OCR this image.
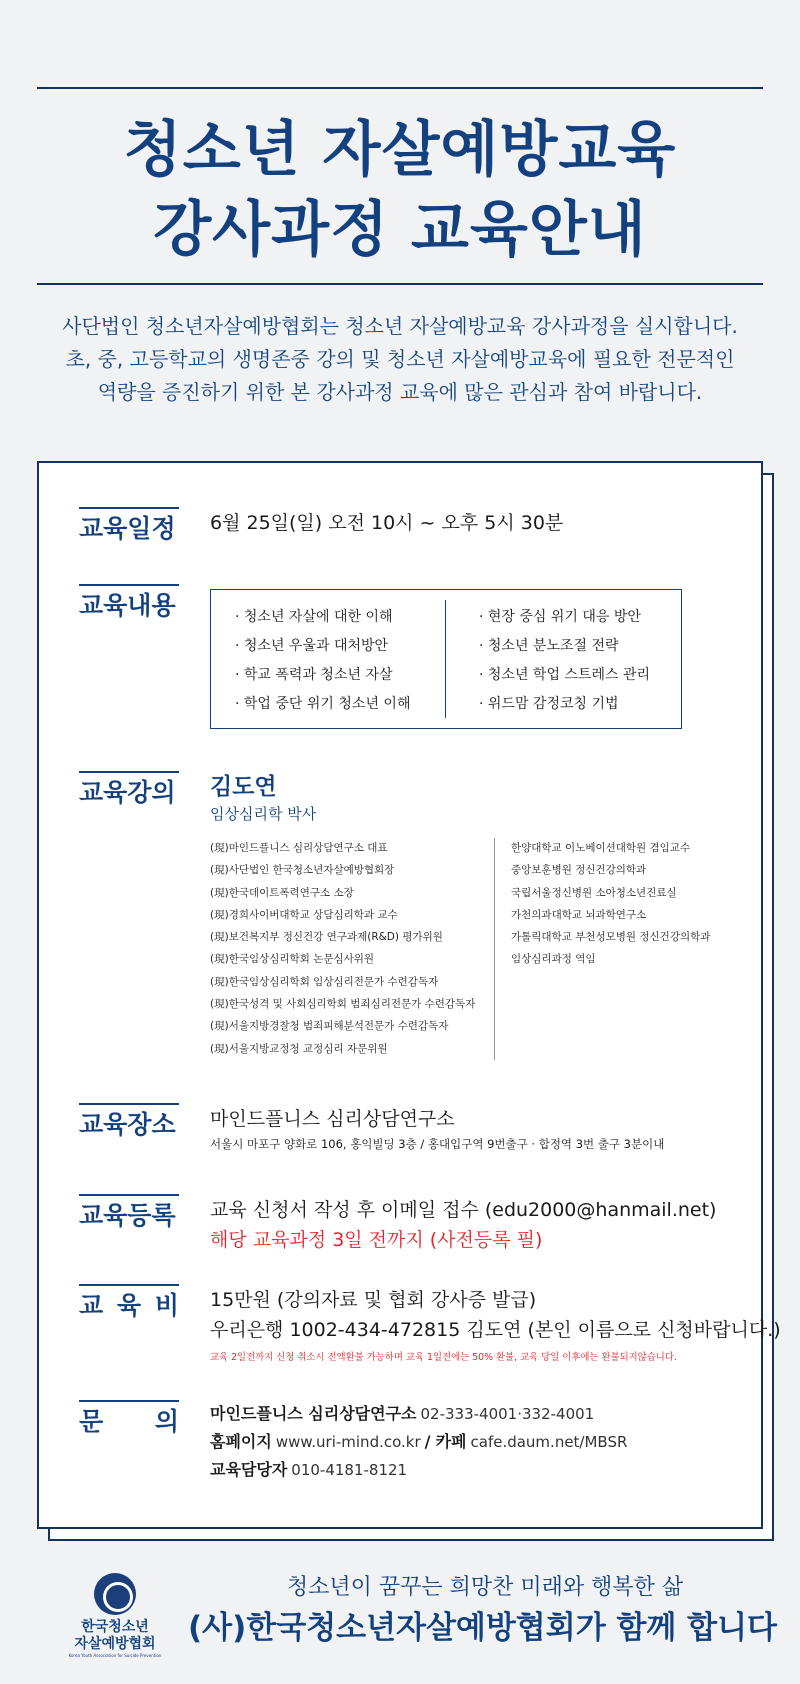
청소년 자살예방교육
강사과정 교육안내
사단법인 청소년자살예방협회는 청소년 자살예방교육 강사과정을 실시합니다.
초, 중, 고등학교의 생명존중 강의 및 청소년 자살예방교육에 필요한 전문적인
역량을 증진하기 위한 본 강사과정 교육에 많은 관심과 참여 바랍니다.
교육일정 6월 25일(일) 오전 10시 ~ 오후 5시 30분
교육내용	· 청소년 자살에 대한 이해
· 청소년 우울과 대처방안
· 학교 폭력과 청소년 자살
· 학업 중단 위기 청소년 이해
· 현장 중심 위기 대응 방안
· 청소년 분노조절 전략
· 청소년 학업 스트레스 관리
· 위드맘 감정코칭 기법
교육강의 김도연
임상심리학 박사
(現)마인드플니스 심리상담연구소 대표
(現)사단법인 한국청소년자살예방협회장
(現)한국데이트폭력연구소 소장
(現)경희사이버대학교 상담심리학과 교수
(現)보건복지부 정신건강 연구과제(R&D) 평가위원
(現)한국임상심리학회 논문심사위원
(現)한국임상심리학회 임상심리전문가 수련감독자
(現)한국성격 및 사회심리학회 범죄심리전문가 수련감독자
(現)서울지방경찰청 범죄피해분석전문가 수련감독자
(現)서울지방교정청 교정심리 자문위원
한양대학교 이노베이션대학원 겸임교수
중앙보훈병원 정신건강의학과
국립서울정신병원 소아청소년진료실
가천의과대학교 뇌과학연구소
가톨릭대학교 부천성모병원 정신건강의학과
임상심리과정 역임
교육장소 마인드플니스 심리상담연구소
서울시 마포구 양화로 106, 홍익빌딩 3층 / 홍대입구역 9번출구 · 합정역 3번 출구 3분이내
교육등록 교육 신청서 작성 후 이메일 접수 (edu2000@hanmail.net)
해당 교육과정 3일 전까지 (사전등록 필)
교 육 비 15만원 (강의자료 및 협회 강사증 발급)
우리은행 1002-434-472815 김도연 (본인 이름으로 신청바랍니다.)
교육 2일전까지 신청 취소시 전액환불 가능하며 교육 1일전에는 50% 환불, 교육 당일 이후에는 환불되지않습니다.
문 의 마인드플니스 심리상담연구소 02-333-4001·332-4001
홈페이지 www.uri-mind.co.kr / 카페 cafe.daum.net/MBSR
교육담당자 010-4181-8121
한국청소년
자살예방협회
Korea Youth Association for Suicide Prevention
청소년이 꿈꾸는 희망찬 미래와 행복한 삶
(사)한국청소년자살예방협회가 함께 합니다
